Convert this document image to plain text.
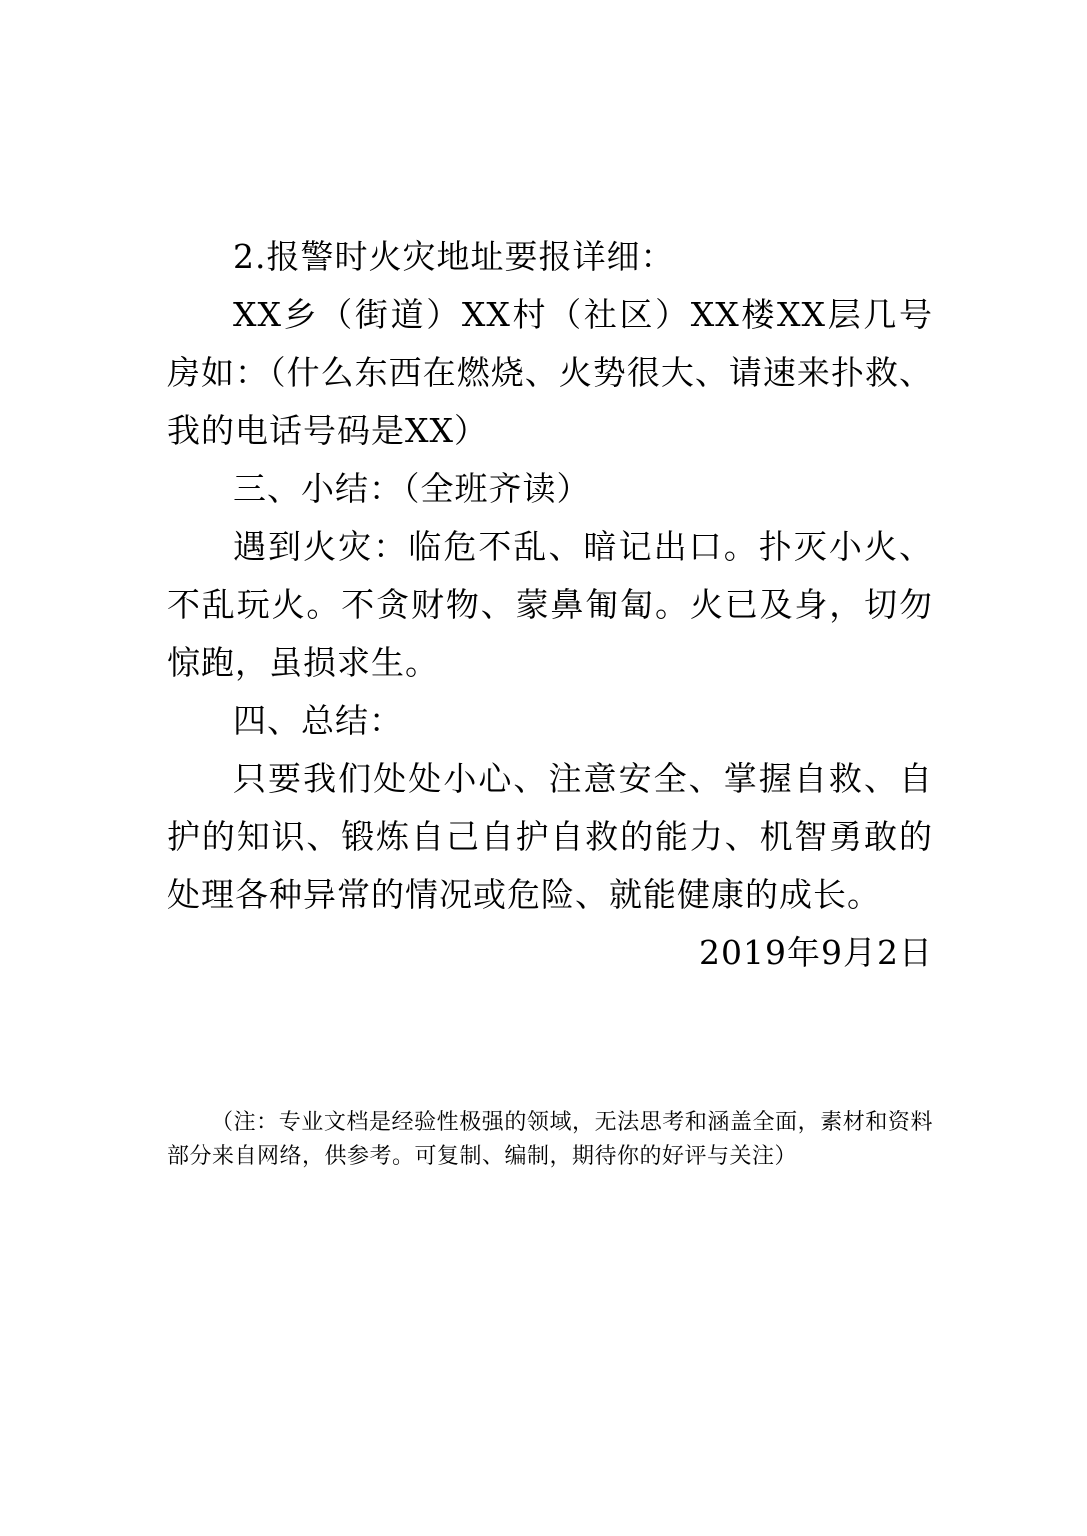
2.报警时火灾地址要报详细：

XX乡（街道）XX村（社区）XX楼XX层几号房如：（什么东西在燃烧、火势很大、请速来扑救、我的电话号码是XX）

三、小结：（全班齐读）

遇到火灾：临危不乱、暗记出口。扑灭小火、不乱玩火。不贪财物、蒙鼻匍匐。火已及身，切勿惊跑，虽损求生。

四、总结：

只要我们处处小心、注意安全、掌握自救、自护的知识、锻炼自己自护自救的能力、机智勇敢的处理各种异常的情况或危险、就能健康的成长。

2019年9月2日

（注：专业文档是经验性极强的领域，无法思考和涵盖全面，素材和资料部分来自网络，供参考。可复制、编制，期待你的好评与关注）
